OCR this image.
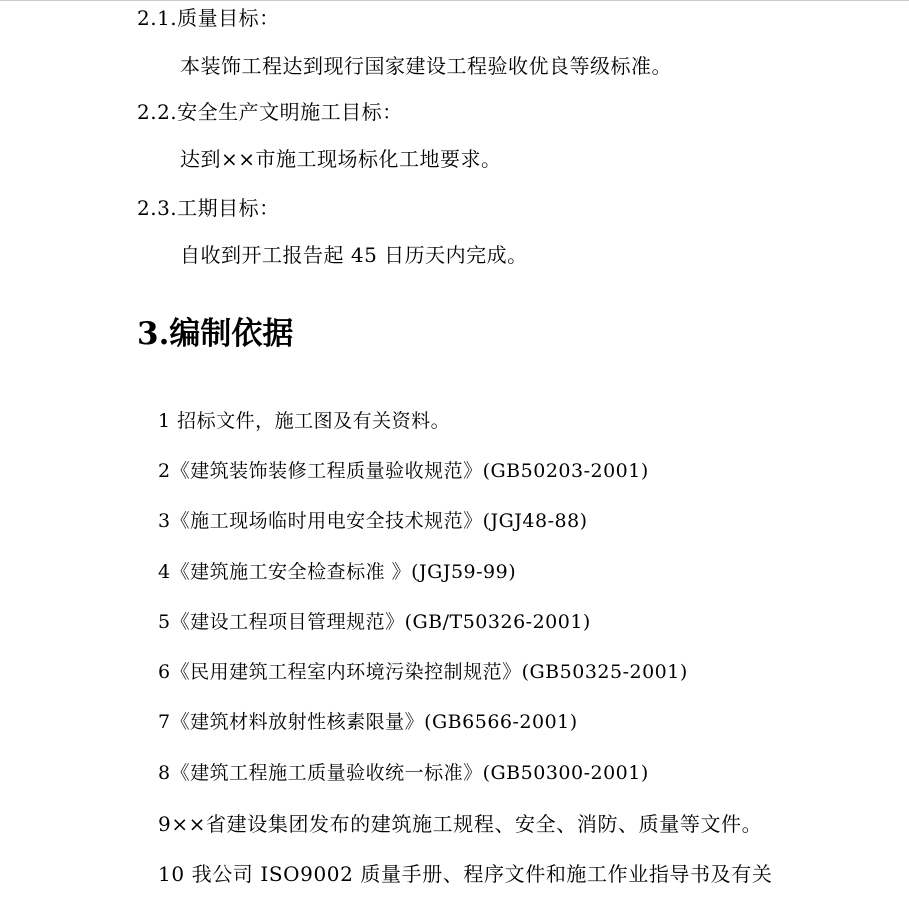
2.1.质量目标：
本装饰工程达到现行国家建设工程验收优良等级标准。
2.2.安全生产文明施工目标：
达到××市施工现场标化工地要求。
2.3.工期目标：
自收到开工报告起 45 日历天内完成。
3.编制依据
1 招标文件，施工图及有关资料。
2《建筑装饰装修工程质量验收规范》(GB50203-2001)
3《施工现场临时用电安全技术规范》(JGJ48-88)
4《建筑施工安全检查标准 》(JGJ59-99)
5《建设工程项目管理规范》(GB/T50326-2001)
6《民用建筑工程室内环境污染控制规范》(GB50325-2001)
7《建筑材料放射性核素限量》(GB6566-2001)
8《建筑工程施工质量验收统一标准》(GB50300-2001)
9××省建设集团发布的建筑施工规程、安全、消防、质量等文件。
10 我公司 ISO9002 质量手册、程序文件和施工作业指导书及有关
